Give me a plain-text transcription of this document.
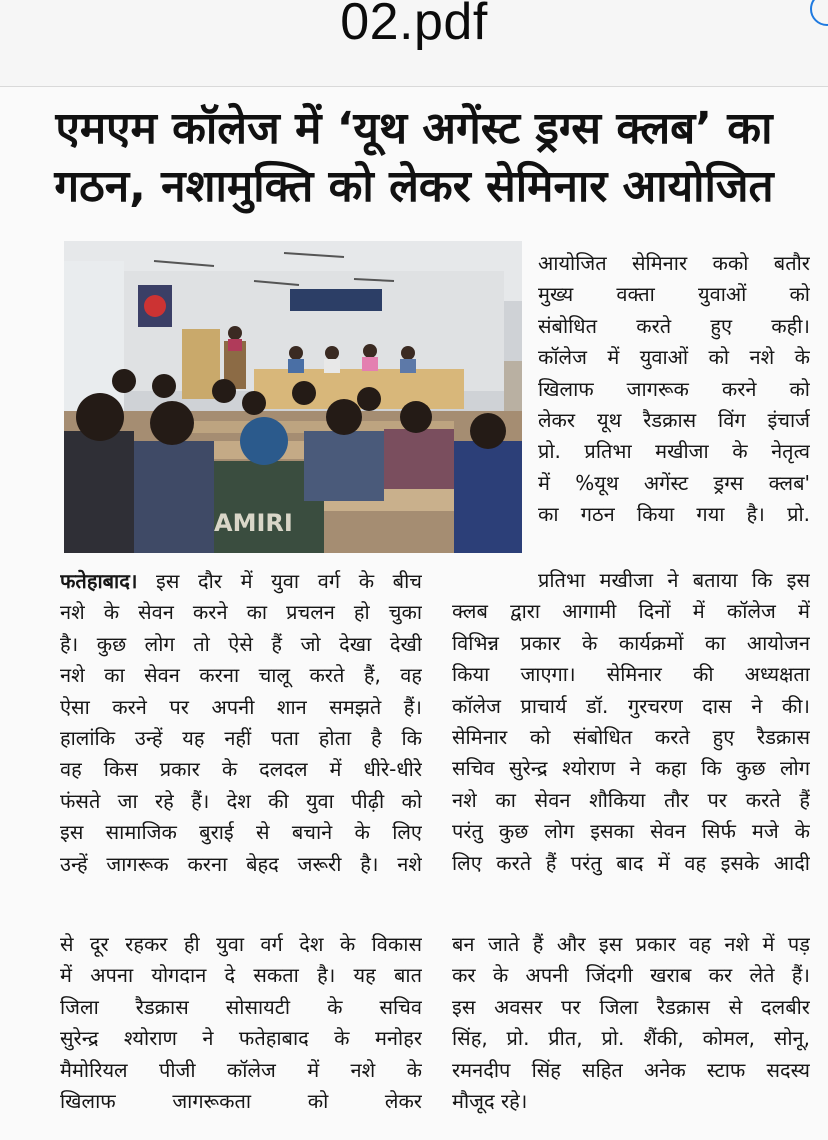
02.pdf
एमएम कॉलेज में ‘यूथ अगेंस्ट ड्रग्स क्लब’ का
गठन, नशामुक्ति को लेकर सेमिनार आयोजित
AMIRI
आयोजित सेमिनार कको बतौर
मुख्य वक्ता युवाओं को
संबोधित करते हुए कही।
कॉलेज में युवाओं को नशे के
खिलाफ जागरूक करने को
लेकर यूथ रैडक्रास विंग इंचार्ज
प्रो. प्रतिभा मखीजा के नेतृत्व
में %यूथ अगेंस्ट ड्रग्स क्लब'
का गठन किया गया है। प्रो.
फतेहाबाद। इस दौर में युवा वर्ग के बीच
नशे के सेवन करने का प्रचलन हो चुका
है। कुछ लोग तो ऐसे हैं जो देखा देखी
नशे का सेवन करना चालू करते हैं, वह
ऐसा करने पर अपनी शान समझते हैं।
हालांकि उन्हें यह नहीं पता होता है कि
वह किस प्रकार के दलदल में धीरे-धीरे
फंसते जा रहे हैं। देश की युवा पीढ़ी को
इस सामाजिक बुराई से बचाने के लिए
उन्हें जागरूक करना बेहद जरूरी है। नशे
प्रतिभा मखीजा ने बताया कि इस
क्लब द्वारा आगामी दिनों में कॉलेज में
विभिन्न प्रकार के कार्यक्रमों का आयोजन
किया जाएगा। सेमिनार की अध्यक्षता
कॉलेज प्राचार्य डॉ. गुरचरण दास ने की।
सेमिनार को संबोधित करते हुए रैडक्रास
सचिव सुरेन्द्र श्योराण ने कहा कि कुछ लोग
नशे का सेवन शौकिया तौर पर करते हैं
परंतु कुछ लोग इसका सेवन सिर्फ मजे के
लिए करते हैं परंतु बाद में वह इसके आदी
से दूर रहकर ही युवा वर्ग देश के विकास
में अपना योगदान दे सकता है। यह बात
जिला रैडक्रास सोसायटी के सचिव
सुरेन्द्र श्योराण ने फतेहाबाद के मनोहर
मैमोरियल पीजी कॉलेज में नशे के
खिलाफ जागरूकता को लेकर
बन जाते हैं और इस प्रकार वह नशे में पड़
कर के अपनी जिंदगी खराब कर लेते हैं।
इस अवसर पर जिला रैडक्रास से दलबीर
सिंह, प्रो. प्रीत, प्रो. शैंकी, कोमल, सोनू,
रमनदीप सिंह सहित अनेक स्टाफ सदस्य
मौजूद रहे।
